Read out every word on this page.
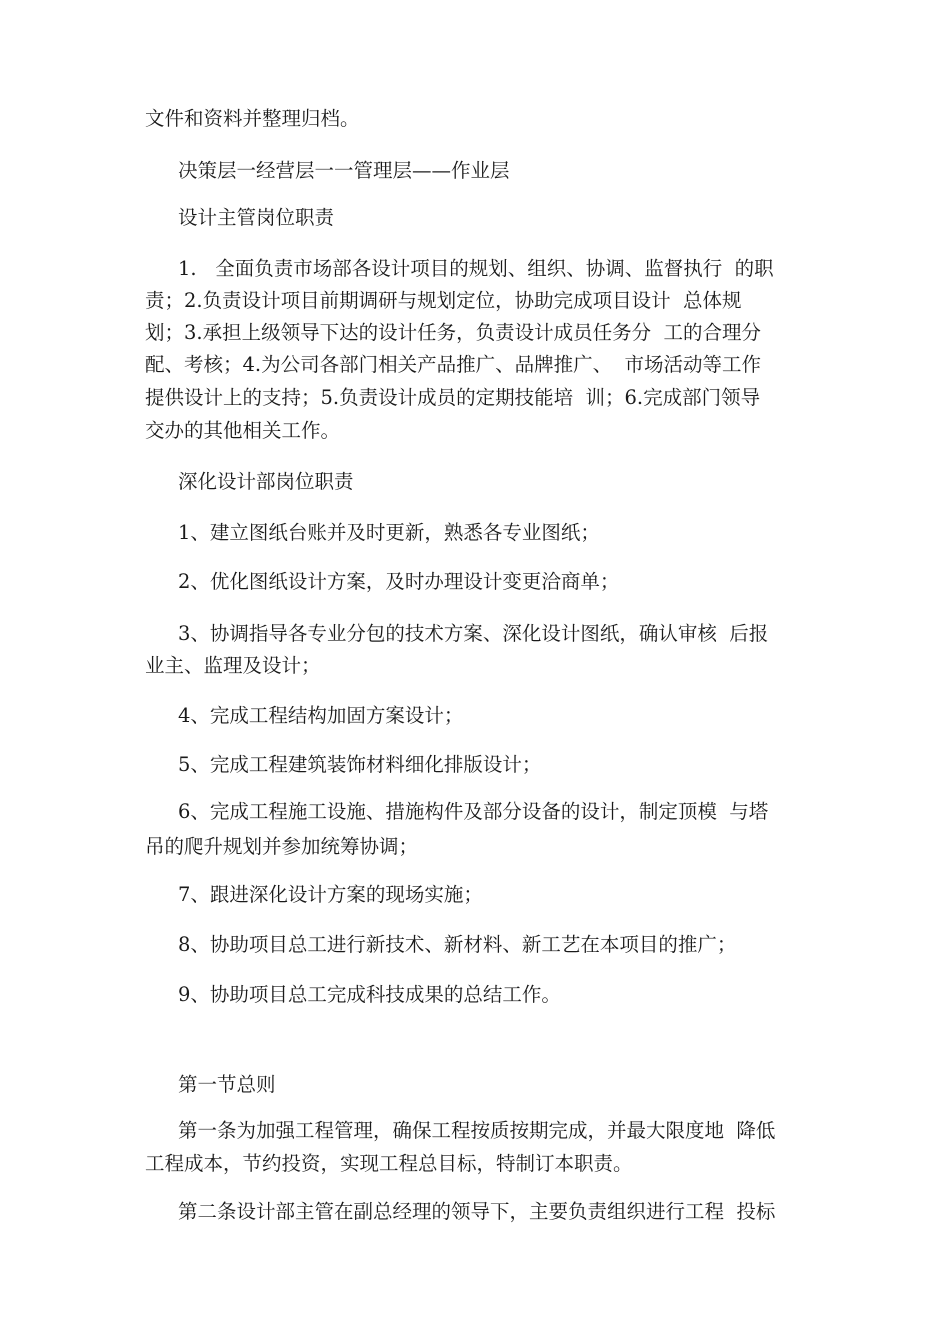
文件和资料并整理归档。

决策层一经营层一一管理层——作业层

设计主管岗位职责

1.   全面负责市场部各设计项目的规划、组织、协调、监督执行  的职

责；2.负责设计项目前期调研与规划定位，协助完成项目设计  总体规

划；3.承担上级领导下达的设计任务，负责设计成员任务分  工的合理分

配、考核；4.为公司各部门相关产品推广、品牌推广、  市场活动等工作

提供设计上的支持；5.负责设计成员的定期技能培  训；6.完成部门领导

交办的其他相关工作。

深化设计部岗位职责

1、建立图纸台账并及时更新，熟悉各专业图纸；

2、优化图纸设计方案，及时办理设计变更洽商单；

3、协调指导各专业分包的技术方案、深化设计图纸，确认审核  后报

业主、监理及设计；

4、完成工程结构加固方案设计；

5、完成工程建筑装饰材料细化排版设计；

6、完成工程施工设施、措施构件及部分设备的设计，制定顶模  与塔

吊的爬升规划并参加统筹协调；

7、跟进深化设计方案的现场实施；

8、协助项目总工进行新技术、新材料、新工艺在本项目的推广；

9、协助项目总工完成科技成果的总结工作。

第一节总则

第一条为加强工程管理，确保工程按质按期完成，并最大限度地  降低

工程成本，节约投资，实现工程总目标，特制订本职责。

第二条设计部主管在副总经理的领导下，主要负责组织进行工程  投标
